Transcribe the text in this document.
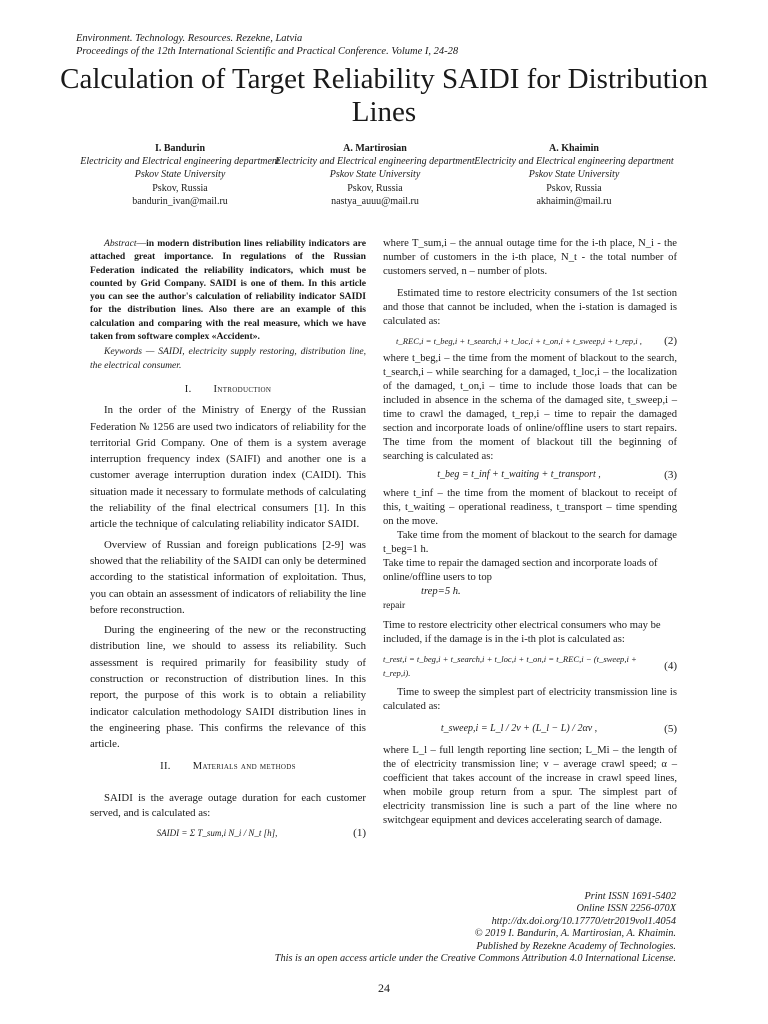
Environment. Technology. Resources. Rezekne, Latvia
Proceedings of the 12th International Scientific and Practical Conference. Volume I, 24-28
Calculation of Target Reliability SAIDI for Distribution Lines
I. Bandurin
Electricity and Electrical engineering department
Pskov State University
Pskov, Russia
bandurin_ivan@mail.ru
A. Martirosian
Electricity and Electrical engineering department
Pskov State University
Pskov, Russia
nastya_auuu@mail.ru
A. Khaimin
Electricity and Electrical engineering department
Pskov State University
Pskov, Russia
akhaimin@mail.ru
Abstract—in modern distribution lines reliability indicators are attached great importance. In regulations of the Russian Federation indicated the reliability indicators, which must be counted by Grid Company. SAIDI is one of them. In this article you can see the author's calculation of reliability indicator SAIDI for the distribution lines. Also there are an example of this calculation and comparing with the real measure, which we have taken from software complex «Accident».
Keywords — SAIDI, electricity supply restoring, distribution line, the electrical consumer.
I. Introduction

In the order of the Ministry of Energy of the Russian Federation № 1256 are used two indicators of reliability for the territorial Grid Company. One of them is a system average interruption frequency index (SAIFI) and another one is a customer average interruption duration index (CAIDI). This situation made it necessary to formulate methods of calculating the reliability of the final electrical consumers [1]. In this article the technique of calculating reliability indicator SAIDI.

Overview of Russian and foreign publications [2-9] was showed that the reliability of the SAIDI can only be determined according to the statistical information of exploitation. Thus, you can obtain an assessment of indicators of reliability the line before reconstruction.

During the engineering of the new or the reconstructing distribution line, we should to assess its reliability. Such assessment is required primarily for feasibility study of construction or reconstruction of distribution lines. In this report, the purpose of this work is to obtain a reliability indicator calculation methodology SAIDI distribution lines in the engineering phase. This confirms the relevance of this article.

II. Materials and methods

SAIDI is the average outage duration for each customer served, and is calculated as:

SAIDI = Σ T_sum,i N_i / N_t [h],	(1)
where T_sum,i – the annual outage time for the i-th place, N_i - the number of customers in the i-th place, N_t - the total number of customers served, n – number of plots.

Estimated time to restore electricity consumers of the 1st section and those that cannot be included, when the i-station is damaged is calculated as:

t_REC,i = t_beg,i + t_search,i + t_loc,i + t_on,i + t_sweep,i + t_rep,i ,	(2)
where t_beg,i – the time from the moment of blackout to the search, t_search,i – while searching for a damaged, t_loc,i – the localization of the damaged, t_on,i – time to include those loads that can be included in absence in the schema of the damaged site, t_sweep,i – time to crawl the damaged, t_rep,i – time to repair the damaged section and incorporate loads of online/offline users to start repairs. The time from the moment of blackout till the beginning of searching is calculated as:
t_beg = t_inf + t_waiting + t_transport ,	(3)
where t_inf – the time from the moment of blackout to receipt of this, t_waiting – operational readiness, t_transport – time spending on the move.

Take time from the moment of blackout to the search for damage t_beg=1 h.

Take time to repair the damaged section and incorporate loads of online/offline users to top
trep=5 h.
repair
Time to restore electricity other electrical consumers who may be included, if the damage is in the i-th plot is calculated as:
t_rest,i = t_beg,i + t_search,i + t_loc,i + t_on,i = t_REC,i − (t_sweep,i + t_rep,i).
(4)

Time to sweep the simplest part of electricity transmission line is calculated as:

t_sweep,i = L_l / 2v + (L_l − L) / 2αv ,	(5)
where L_l – full length reporting line section; L_Mi – the length of the of electricity transmission line; v – average crawl speed; α – coefficient that takes account of the increase in crawl speed lines, when mobile group return from a spur. The simplest part of electricity transmission line is such a part of the line where no switchgear equipment and devices accelerating search of damage.
Print ISSN 1691-5402
Online ISSN 2256-070X
http://dx.doi.org/10.17770/etr2019vol1.4054
© 2019 I. Bandurin, A. Martirosian, A. Khaimin.
Published by Rezekne Academy of Technologies.
This is an open access article under the Creative Commons Attribution 4.0 International License.
24
